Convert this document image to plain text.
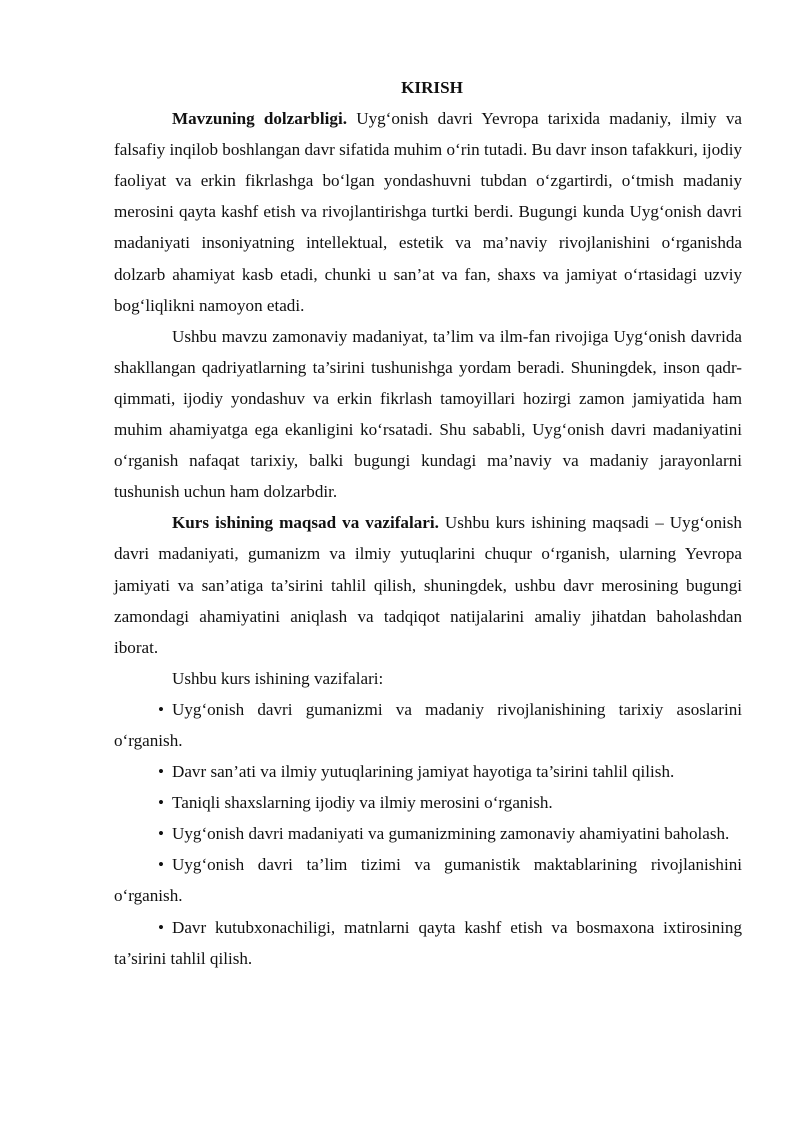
KIRISH

Mavzuning dolzarbligi. Uyg‘onish davri Yevropa tarixida madaniy, ilmiy va falsafiy inqilob boshlangan davr sifatida muhim o‘rin tutadi. Bu davr inson tafakkuri, ijodiy faoliyat va erkin fikrlashga bo‘lgan yondashuvni tubdan o‘zgartirdi, o‘tmish madaniy merosini qayta kashf etish va rivojlantirishga turtki berdi. Bugungi kunda Uyg‘onish davri madaniyati insoniyatning intellektual, estetik va ma’naviy rivojlanishini o‘rganishda dolzarb ahamiyat kasb etadi, chunki u san’at va fan, shaxs va jamiyat o‘rtasidagi uzviy bog‘liqlikni namoyon etadi.

Ushbu mavzu zamonaviy madaniyat, ta’lim va ilm-fan rivojiga Uyg‘onish davrida shakllangan qadriyatlarning ta’sirini tushunishga yordam beradi. Shuningdek, inson qadr-qimmati, ijodiy yondashuv va erkin fikrlash tamoyillari hozirgi zamon jamiyatida ham muhim ahamiyatga ega ekanligini ko‘rsatadi. Shu sababli, Uyg‘onish davri madaniyatini o‘rganish nafaqat tarixiy, balki bugungi kundagi ma’naviy va madaniy jarayonlarni tushunish uchun ham dolzarbdir.

Kurs ishining maqsad va vazifalari. Ushbu kurs ishining maqsadi – Uyg‘onish davri madaniyati, gumanizm va ilmiy yutuqlarini chuqur o‘rganish, ularning Yevropa jamiyati va san’atiga ta’sirini tahlil qilish, shuningdek, ushbu davr merosining bugungi zamondagi ahamiyatini aniqlash va tadqiqot natijalarini amaliy jihatdan baholashdan iborat.

Ushbu kurs ishining vazifalari:

• Uyg‘onish davri gumanizmi va madaniy rivojlanishining tarixiy asoslarini o‘rganish.

• Davr san’ati va ilmiy yutuqlarining jamiyat hayotiga ta’sirini tahlil qilish.

• Taniqli shaxslarning ijodiy va ilmiy merosini o‘rganish.

• Uyg‘onish davri madaniyati va gumanizmining zamonaviy ahamiyatini baholash.

• Uyg‘onish davri ta’lim tizimi va gumanistik maktablarining rivojlanishini o‘rganish.

• Davr kutubxonachiligi, matnlarni qayta kashf etish va bosmaxona ixtirosining ta’sirini tahlil qilish.
